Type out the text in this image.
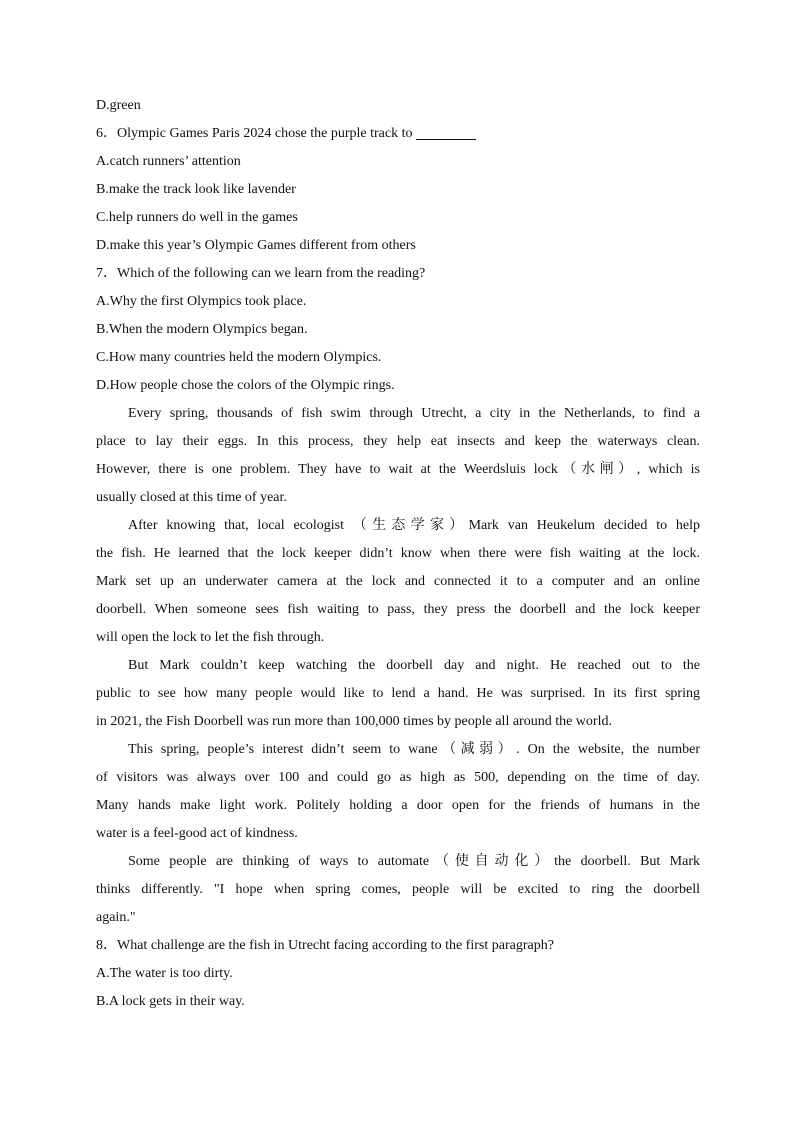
D.green
6．Olympic Games Paris 2024 chose the purple track to
A.catch runners’ attention
B.make the track look like lavender
C.help runners do well in the games
D.make this year’s Olympic Games different from others
7．Which of the following can we learn from the reading?
A.Why the first Olympics took place.
B.When the modern Olympics began.
C.How many countries held the modern Olympics.
D.How people chose the colors of the Olympic rings.
Every spring, thousands of fish swim through Utrecht, a city in the Netherlands, to find a
place to lay their eggs. In this process, they help eat insects and keep the waterways clean.
However, there is one problem. They have to wait at the Weerdsluis lock（水闸）, which is
usually closed at this time of year.
After knowing that, local ecologist （生态学家）Mark van Heukelum decided to help
the fish. He learned that the lock keeper didn’t know when there were fish waiting at the lock.
Mark set up an underwater camera at the lock and connected it to a computer and an online
doorbell. When someone sees fish waiting to pass, they press the doorbell and the lock keeper
will open the lock to let the fish through.
But Mark couldn’t keep watching the doorbell day and night. He reached out to the
public to see how many people would like to lend a hand. He was surprised. In its first spring
in 2021, the Fish Doorbell was run more than 100,000 times by people all around the world.
This spring, people’s interest didn’t seem to wane（减弱）. On the website, the number
of visitors was always over 100 and could go as high as 500, depending on the time of day.
Many hands make light work. Politely holding a door open for the friends of humans in the
water is a feel-good act of kindness.
Some people are thinking of ways to automate（使自动化）the doorbell. But Mark
thinks differently. "I hope when spring comes, people will be excited to ring the doorbell
again."
8．What challenge are the fish in Utrecht facing according to the first paragraph?
A.The water is too dirty.
B.A lock gets in their way.
